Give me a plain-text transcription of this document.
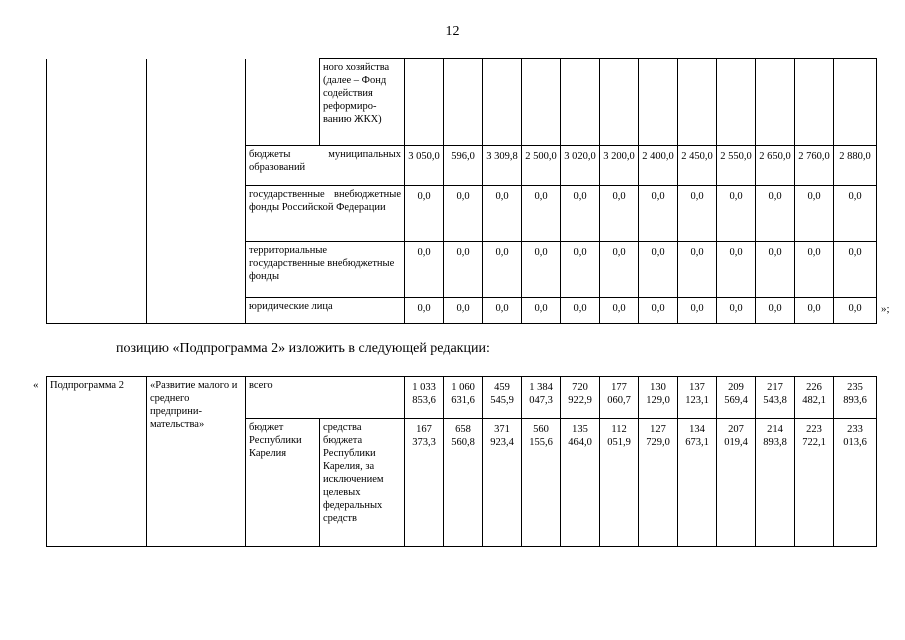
12
			ного хозяйства (далее – Фонд содействия реформиро-ванию ЖКХ)												
		бюджеты муниципальных образований		3 050,0	596,0	3 309,8	2 500,0	3 020,0	3 200,0	2 400,0	2 450,0	2 550,0	2 650,0	2 760,0	2 880,0
		государственные внебюджетные фонды Российской Федерации		0,0	0,0	0,0	0,0	0,0	0,0	0,0	0,0	0,0	0,0	0,0	0,0
		территориальные государственные внебюджетные фонды		0,0	0,0	0,0	0,0	0,0	0,0	0,0	0,0	0,0	0,0	0,0	0,0
		юридические лица		0,0	0,0	0,0	0,0	0,0	0,0	0,0	0,0	0,0	0,0	0,0	0,0 »;
позицию «Подпрограмма 2» изложить в следующей редакции:
« Подпрограмма 2	«Развитие малого и среднего предприни-мательства»	всего		1 033 853,6	1 060 631,6	459 545,9	1 384 047,3	720 922,9	177 060,7	130 129,0	137 123,1	209 569,4	217 543,8	226 482,1	235 893,6
		бюджет Республики Карелия	средства бюджета Республики Карелия, за исключением целевых федеральных средств	167 373,3	658 560,8	371 923,4	560 155,6	135 464,0	112 051,9	127 729,0	134 673,1	207 019,4	214 893,8	223 722,1	233 013,6
